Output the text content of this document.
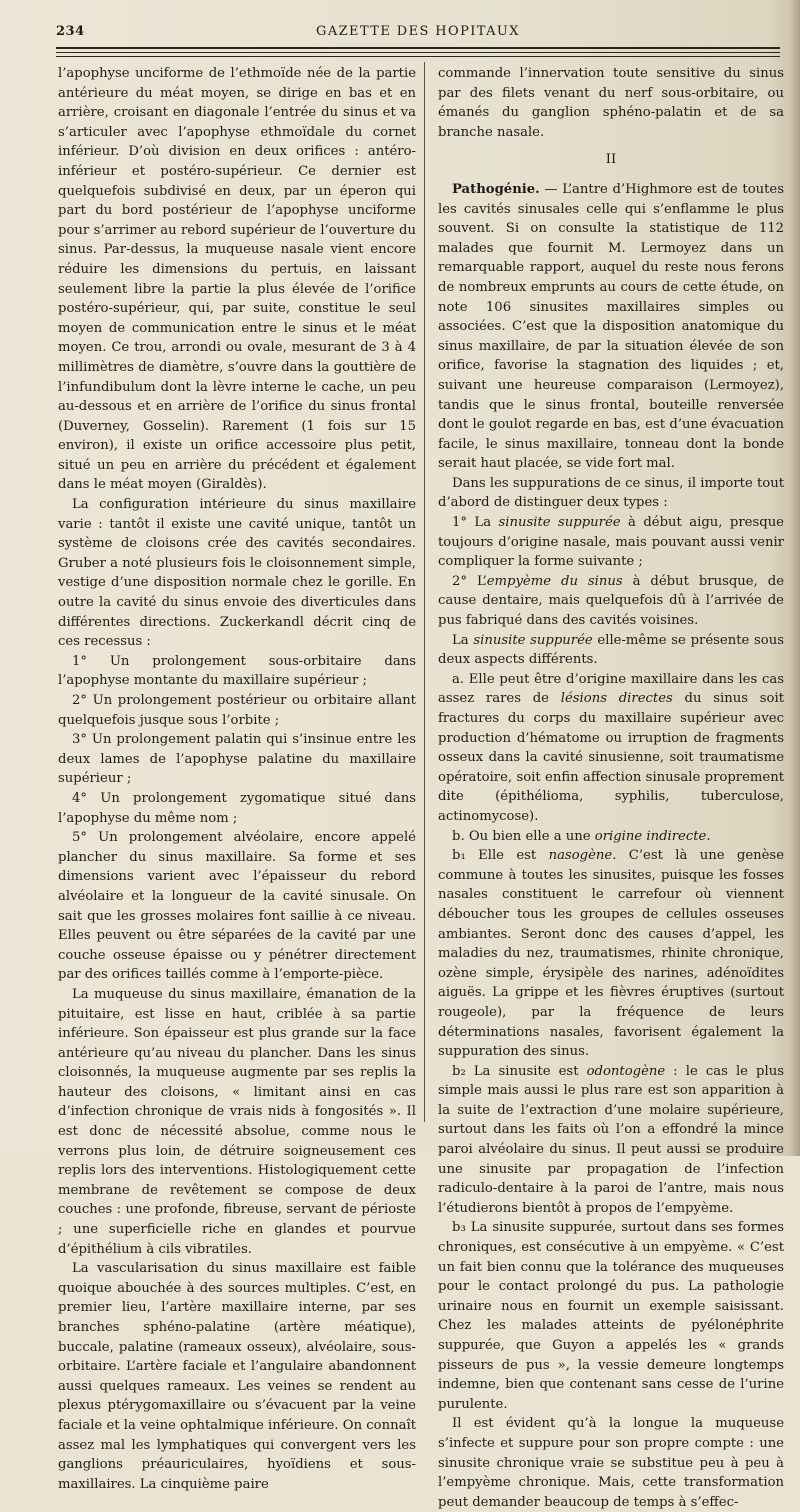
234	GAZETTE DES HOPITAUX

l’apophyse unciforme de l’ethmoïde née de la partie antérieure du méat moyen, se dirige en bas et en arrière, croisant en diagonale l’entrée du sinus et va s’articuler avec l’apophyse ethmoïdale du cornet inférieur. D’où division en deux orifices : antéro-inférieur et postéro-supérieur. Ce dernier est quelquefois subdivisé en deux, par un éperon qui part du bord postérieur de l’apophyse unciforme pour s’arrimer au rebord supérieur de l’ouverture du sinus. Par-dessus, la muqueuse nasale vient encore réduire les dimensions du pertuis, en laissant seulement libre la partie la plus élevée de l’orifice postéro-supérieur, qui, par suite, constitue le seul moyen de communication entre le sinus et le méat moyen. Ce trou, arrondi ou ovale, mesurant de 3 à 4 millimètres de diamètre, s’ouvre dans la gouttière de l’infundibulum dont la lèvre interne le cache, un peu au-dessous et en arrière de l’orifice du sinus frontal (Duverney, Gosselin). Rarement (1 fois sur 15 environ), il existe un orifice accessoire plus petit, situé un peu en arrière du précédent et également dans le méat moyen (Giraldès).

La configuration intérieure du sinus maxillaire varie : tantôt il existe une cavité unique, tantôt un système de cloisons crée des cavités secondaires. Gruber a noté plusieurs fois le cloisonnement simple, vestige d’une disposition normale chez le gorille. En outre la cavité du sinus envoie des diverticules dans différentes directions. Zuckerkandl décrit cinq de ces recessus :

1° Un prolongement sous-orbitaire dans l’apophyse montante du maxillaire supérieur ;

2° Un prolongement postérieur ou orbitaire allant quelquefois jusque sous l’orbite ;

3° Un prolongement palatin qui s’insinue entre les deux lames de l’apophyse palatine du maxillaire supérieur ;

4° Un prolongement zygomatique situé dans l’apophyse du même nom ;

5° Un prolongement alvéolaire, encore appelé plancher du sinus maxillaire. Sa forme et ses dimensions varient avec l’épaisseur du rebord alvéolaire et la longueur de la cavité sinusale. On sait que les grosses molaires font saillie à ce niveau. Elles peuvent ou être séparées de la cavité par une couche osseuse épaisse ou y pénétrer directement par des orifices taillés comme à l’emporte-pièce.

La muqueuse du sinus maxillaire, émanation de la pituitaire, est lisse en haut, criblée à sa partie inférieure. Son épaisseur est plus grande sur la face antérieure qu’au niveau du plancher. Dans les sinus cloisonnés, la muqueuse augmente par ses replis la hauteur des cloisons, « limitant ainsi en cas d’infection chronique de vrais nids à fongosités ». Il est donc de nécessité absolue, comme nous le verrons plus loin, de détruire soigneusement ces replis lors des interventions. Histologiquement cette membrane de revêtement se compose de deux couches : une profonde, fibreuse, servant de périoste ; une superficielle riche en glandes et pourvue d’épithélium à cils vibratiles.

La vascularisation du sinus maxillaire est faible quoique abouchée à des sources multiples. C’est, en premier lieu, l’artère maxillaire interne, par ses branches sphéno-palatine (artère méatique), buccale, palatine (rameaux osseux), alvéolaire, sous-orbitaire. L’artère faciale et l’angulaire abandonnent aussi quelques rameaux. Les veines se rendent au plexus ptérygomaxillaire ou s’évacuent par la veine faciale et la veine ophtalmique inférieure. On connaît assez mal les lymphatiques qui convergent vers les ganglions préauriculaires, hyoïdiens et sous-maxillaires. La cinquième paire

commande l’innervation toute sensitive du sinus par des filets venant du nerf sous-orbitaire, ou émanés du ganglion sphéno-palatin et de sa branche nasale.

II

Pathogénie. — L’antre d’Highmore est de toutes les cavités sinusales celle qui s’enflamme le plus souvent. Si on consulte la statistique de 112 malades que fournit M. Lermoyez dans un remarquable rapport, auquel du reste nous ferons de nombreux emprunts au cours de cette étude, on note 106 sinusites maxillaires simples ou associées. C’est que la disposition anatomique du sinus maxillaire, de par la situation élevée de son orifice, favorise la stagnation des liquides ; et, suivant une heureuse comparaison (Lermoyez), tandis que le sinus frontal, bouteille renversée dont le goulot regarde en bas, est d’une évacuation facile, le sinus maxillaire, tonneau dont la bonde serait haut placée, se vide fort mal.

Dans les suppurations de ce sinus, il importe tout d’abord de distinguer deux types :

1° La sinusite suppurée à début aigu, presque toujours d’origine nasale, mais pouvant aussi venir compliquer la forme suivante ;

2° L’empyème du sinus à début brusque, de cause dentaire, mais quelquefois dû à l’arrivée de pus fabriqué dans des cavités voisines.

La sinusite suppurée elle-même se présente sous deux aspects différents.

a. Elle peut être d’origine maxillaire dans les cas assez rares de lésions directes du sinus soit fractures du corps du maxillaire supérieur avec production d’hématome ou irruption de fragments osseux dans la cavité sinusienne, soit traumatisme opératoire, soit enfin affection sinusale proprement dite (épithélioma, syphilis, tuberculose, actinomycose).

b. Ou bien elle a une origine indirecte.

b₁ Elle est nasogène. C’est là une genèse commune à toutes les sinusites, puisque les fosses nasales constituent le carrefour où viennent déboucher tous les groupes de cellules osseuses ambiantes. Seront donc des causes d’appel, les maladies du nez, traumatismes, rhinite chronique, ozène simple, érysipèle des narines, adénoïdites aiguës. La grippe et les fièvres éruptives (surtout rougeole), par la fréquence de leurs déterminations nasales, favorisent également la suppuration des sinus.

b₂ La sinusite est odontogène : le cas le plus simple mais aussi le plus rare est son apparition à la suite de l’extraction d’une molaire supérieure, surtout dans les faits où l’on a effondré la mince paroi alvéolaire du sinus. Il peut aussi se produire une sinusite par propagation de l’infection radiculo-dentaire à la paroi de l’antre, mais nous l’étudierons bientôt à propos de l’empyème.

b₃ La sinusite suppurée, surtout dans ses formes chroniques, est consécutive à un empyème. « C’est un fait bien connu que la tolérance des muqueuses pour le contact prolongé du pus. La pathologie urinaire nous en fournit un exemple saisissant. Chez les malades atteints de pyélonéphrite suppurée, que Guyon a appelés les « grands pisseurs de pus », la vessie demeure longtemps indemne, bien que contenant sans cesse de l’urine purulente.

Il est évident qu’à la longue la muqueuse s’infecte et suppure pour son propre compte : une sinusite chronique vraie se substitue peu à peu à l’empyème chronique. Mais, cette transformation peut demander beaucoup de temps à s’effec-
